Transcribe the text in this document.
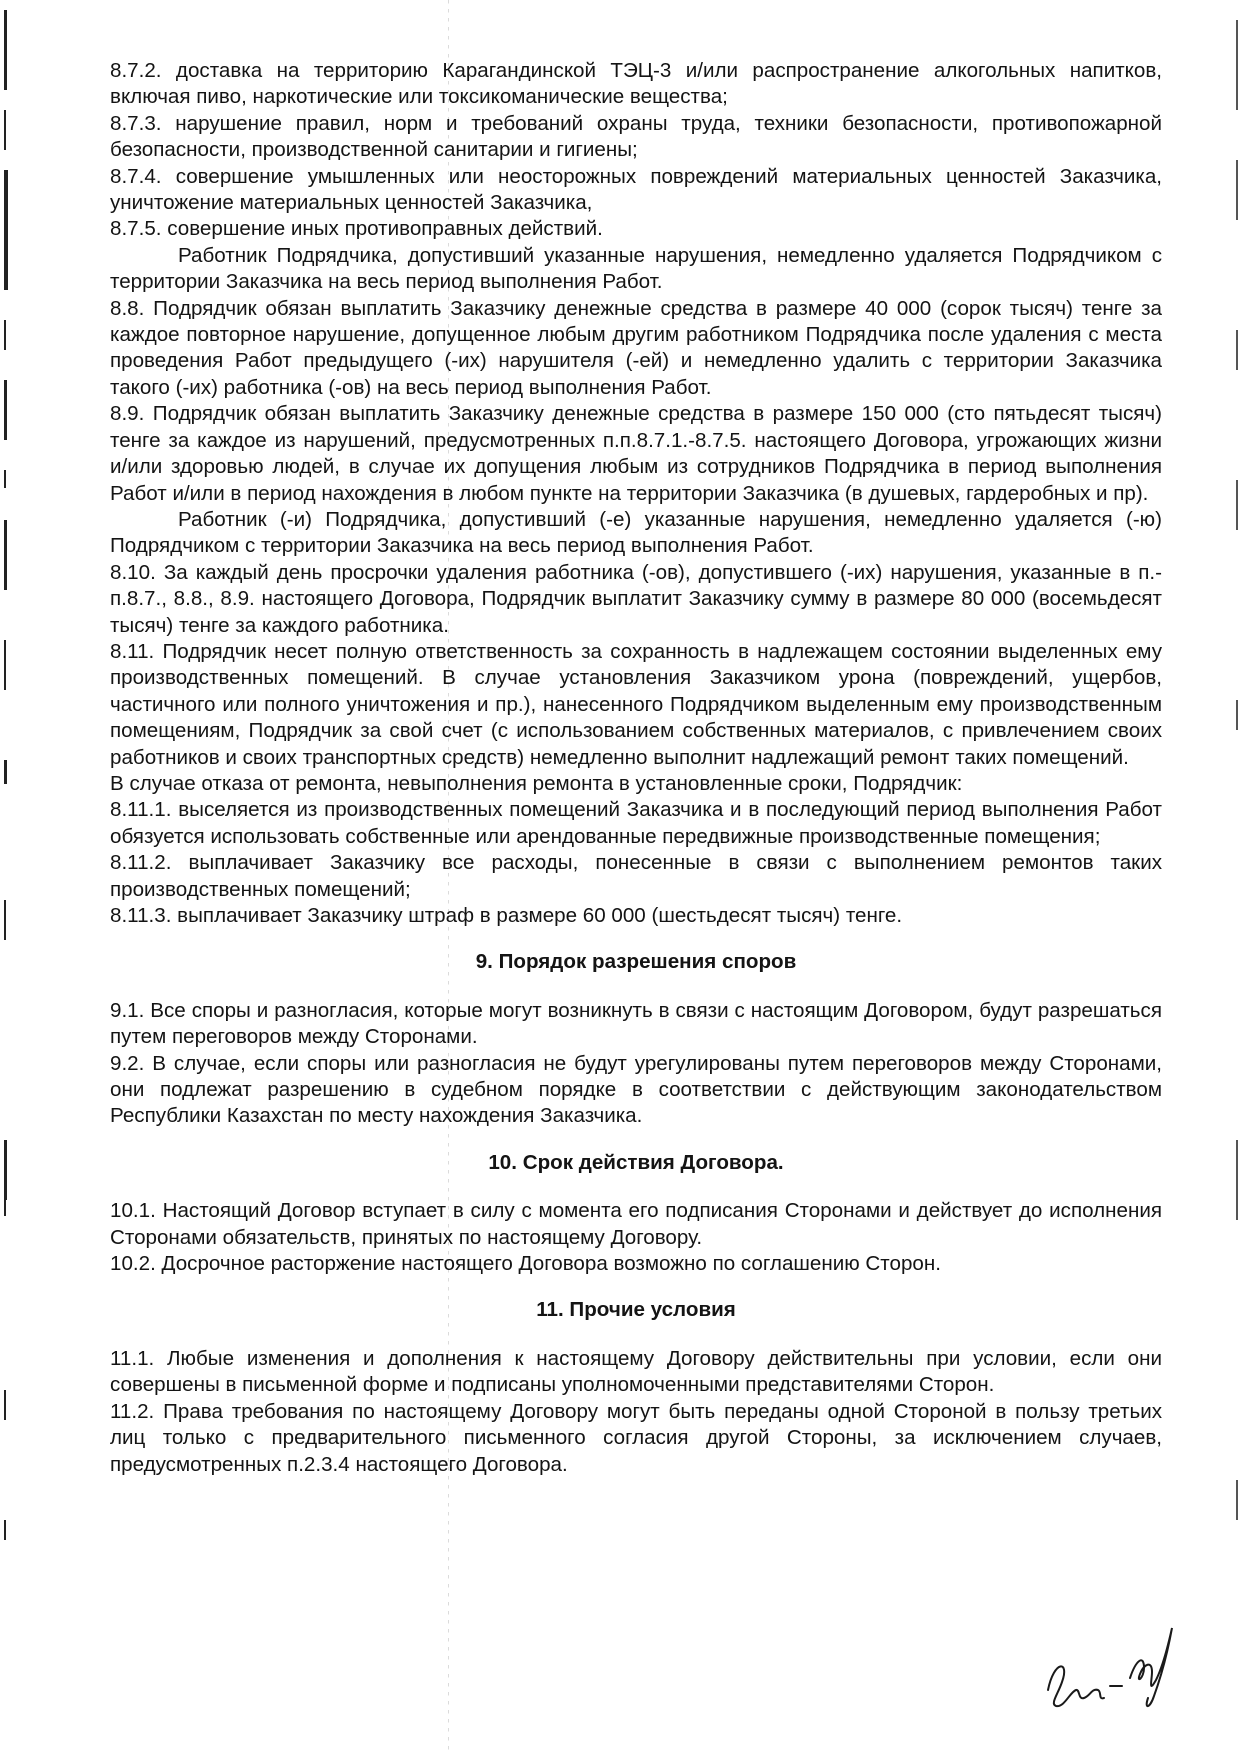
8.7.2. доставка на территорию Карагандинской ТЭЦ-3 и/или распространение алкогольных напитков, включая пиво, наркотические или токсикоманические вещества;

8.7.3. нарушение правил, норм и требований охраны труда, техники безопасности, противопожарной безопасности, производственной санитарии и гигиены;

8.7.4. совершение умышленных или неосторожных повреждений материальных ценностей Заказчика, уничтожение материальных ценностей Заказчика,

8.7.5. совершение иных противоправных действий.

Работник Подрядчика, допустивший указанные нарушения, немедленно удаляется Подрядчиком с территории Заказчика на весь период выполнения Работ.

8.8. Подрядчик обязан выплатить Заказчику денежные средства в размере 40 000 (сорок тысяч) тенге за каждое повторное нарушение, допущенное любым другим работником Подрядчика после удаления с места проведения Работ предыдущего (-их) нарушителя (-ей) и немедленно удалить с территории Заказчика такого (-их) работника (-ов) на весь период выполнения Работ.

8.9. Подрядчик обязан выплатить Заказчику денежные средства в размере 150 000 (сто пятьдесят тысяч) тенге за каждое из нарушений, предусмотренных п.п.8.7.1.-8.7.5. настоящего Договора, угрожающих жизни и/или здоровью людей, в случае их допущения любым из сотрудников Подрядчика в период выполнения Работ и/или в период нахождения в любом пункте на территории Заказчика (в душевых, гардеробных и пр).

Работник (-и) Подрядчика, допустивший (-е) указанные нарушения, немедленно удаляется (-ю) Подрядчиком с территории Заказчика на весь период выполнения Работ.

8.10. За каждый день просрочки удаления работника (-ов), допустившего (-их) нарушения, указанные в п.-п.8.7., 8.8., 8.9. настоящего Договора, Подрядчик выплатит Заказчику сумму в размере 80 000 (восемьдесят тысяч) тенге за каждого работника.

8.11. Подрядчик несет полную ответственность за сохранность в надлежащем состоянии выделенных ему производственных помещений. В случае установления Заказчиком урона (повреждений, ущербов, частичного или полного уничтожения и пр.), нанесенного Подрядчиком выделенным ему производственным помещениям, Подрядчик за свой счет (с использованием собственных материалов, с привлечением своих работников и своих транспортных средств) немедленно выполнит надлежащий ремонт таких помещений.

В случае отказа от ремонта, невыполнения ремонта в установленные сроки, Подрядчик:

8.11.1. выселяется из производственных помещений Заказчика и в последующий период выполнения Работ обязуется использовать собственные или арендованные передвижные производственные помещения;

8.11.2. выплачивает Заказчику все расходы, понесенные в связи с выполнением ремонтов таких производственных помещений;

8.11.3. выплачивает Заказчику штраф в размере 60 000 (шестьдесят тысяч) тенге.

9. Порядок разрешения споров

9.1. Все споры и разногласия, которые могут возникнуть в связи с настоящим Договором, будут разрешаться путем переговоров между Сторонами.

9.2. В случае, если споры или разногласия не будут урегулированы путем переговоров между Сторонами, они подлежат разрешению в судебном порядке в соответствии с действующим законодательством Республики Казахстан по месту нахождения Заказчика.

10. Срок действия Договора.

10.1. Настоящий Договор вступает в силу с момента его подписания Сторонами и действует до исполнения Сторонами обязательств, принятых по настоящему Договору.

10.2. Досрочное расторжение настоящего Договора возможно по соглашению Сторон.

11. Прочие условия

11.1. Любые изменения и дополнения к настоящему Договору действительны при условии, если они совершены в письменной форме и подписаны уполномоченными представителями Сторон.

11.2. Права требования по настоящему Договору могут быть переданы одной Стороной в пользу третьих лиц только с предварительного письменного согласия другой Стороны, за исключением случаев, предусмотренных п.2.3.4 настоящего Договора.
